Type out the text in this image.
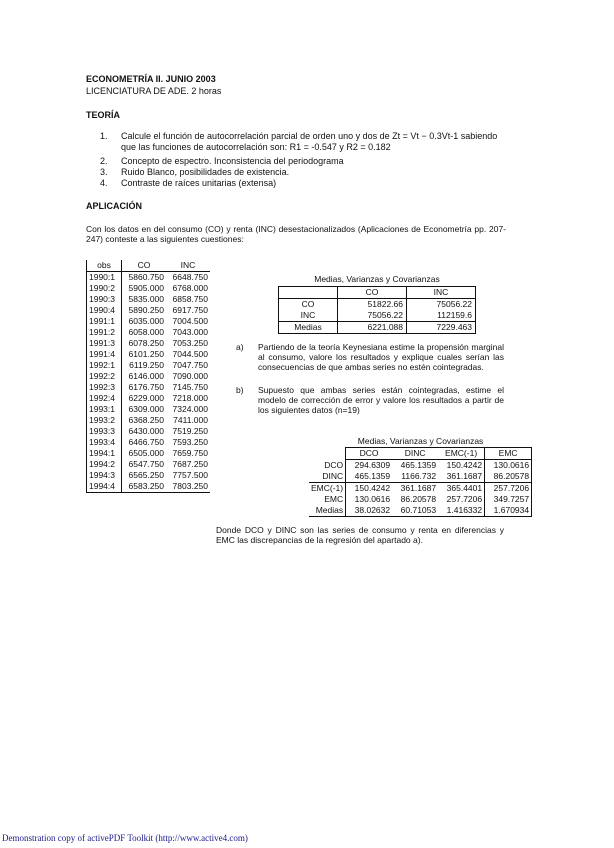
ECONOMETRÍA II. JUNIO 2003
LICENCIATURA DE ADE. 2 horas
TEORÍA
1.	Calcule el función de autocorrelación parcial de orden uno y dos de Zt = Vt − 0.3Vt-1 sabiendo que las funciones de autocorrelación son: R1 = -0.547 y R2 = 0.182
2.	Concepto de espectro. Inconsistencia del periodograma
3.	Ruido Blanco, posibilidades de existencia.
4.	Contraste de raíces unitarias (extensa)
APLICACIÓN
Con los datos en del consumo (CO) y renta (INC) desestacionalizados (Aplicaciones de Econometría pp. 207-247) conteste a las siguientes cuestiones:
obs	CO	INC
1990:1	5860.750	6648.750
1990:2	5905.000	6768.000
1990:3	5835.000	6858.750
1990:4	5890.250	6917.750
1991:1	6035.000	7004.500
1991:2	6058.000	7043.000
1991:3	6078.250	7053.250
1991:4	6101.250	7044.500
1992:1	6119.250	7047.750
1992:2	6146.000	7090.000
1992:3	6176.750	7145.750
1992:4	6229.000	7218.000
1993:1	6309.000	7324.000
1993:2	6368.250	7411.000
1993:3	6430.000	7519.250
1993:4	6466.750	7593.250
1994:1	6505.000	7659.750
1994:2	6547.750	7687.250
1994:3	6565.250	7757.500
1994:4	6583.250	7803.250
Medias, Varianzas y Covarianzas
	CO	INC
CO	51822.66	75056.22
INC	75056.22	112159.6
Medias	6221.088	7229.463
a)	Partiendo de la teoría Keynesiana estime la propensión marginal al consumo, valore los resultados y explique cuales serían las consecuencias de que ambas series no estén cointegradas.
b)	Supuesto que ambas series están cointegradas, estime el modelo de corrección de error y valore los resultados a partir de los siguientes datos (n=19)
Medias, Varianzas y Covarianzas
	DCO	DINC	EMC(-1)	EMC
DCO	294.6309	465.1359	150.4242	130.0616
DINC	465.1359	1166.732	361.1687	86.20578
EMC(-1)	150.4242	361.1687	365.4401	257.7206
EMC	130.0616	86.20578	257.7206	349.7257
Medias	38.02632	60.71053	1.416332	1.670934
Donde DCO y DINC son las series de consumo y renta en diferencias y EMC las discrepancias de la regresión del apartado a).
Demonstration copy of activePDF Toolkit (http://www.active4.com)
